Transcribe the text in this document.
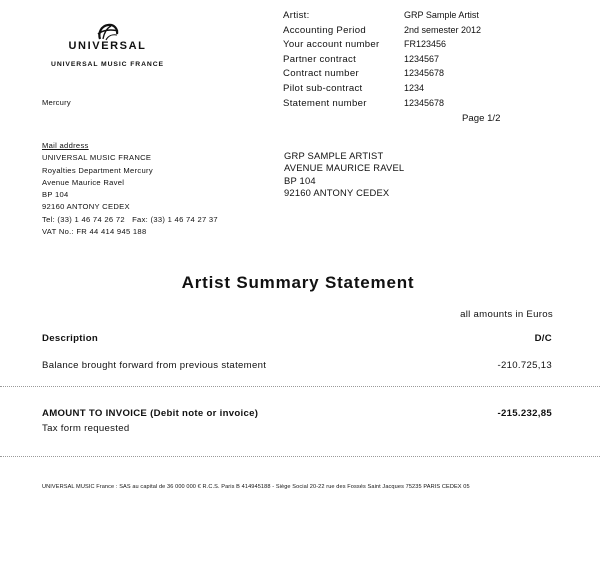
UNIVERSAL
UNIVERSAL MUSIC FRANCE
Mercury
Artist:	GRP Sample Artist
Accounting Period	2nd semester 2012
Your account number	FR123456
Partner contract	1234567
Contract number	12345678
Pilot sub-contract	1234
Statement number	12345678
Page 1/2
Mail address
UNIVERSAL MUSIC FRANCE
Royalties Department Mercury
Avenue Maurice Ravel
BP 104
92160 ANTONY CEDEX
Tel: (33) 1 46 74 26 72   Fax: (33) 1 46 74 27 37
VAT No.: FR 44 414 945 188
GRP SAMPLE ARTIST
AVENUE MAURICE RAVEL
BP 104
92160 ANTONY CEDEX
Artist Summary Statement
all amounts in Euros
Description	D/C
Balance brought forward from previous statement	-210.725,13
AMOUNT TO INVOICE (Debit note or invoice)	-215.232,85
Tax form requested
UNIVERSAL MUSIC France : SAS au capital de 36 000 000 € R.C.S. Paris B 414945188 - Siège Social 20-22 rue des Fossés Saint Jacques 75235 PARIS CEDEX 05
